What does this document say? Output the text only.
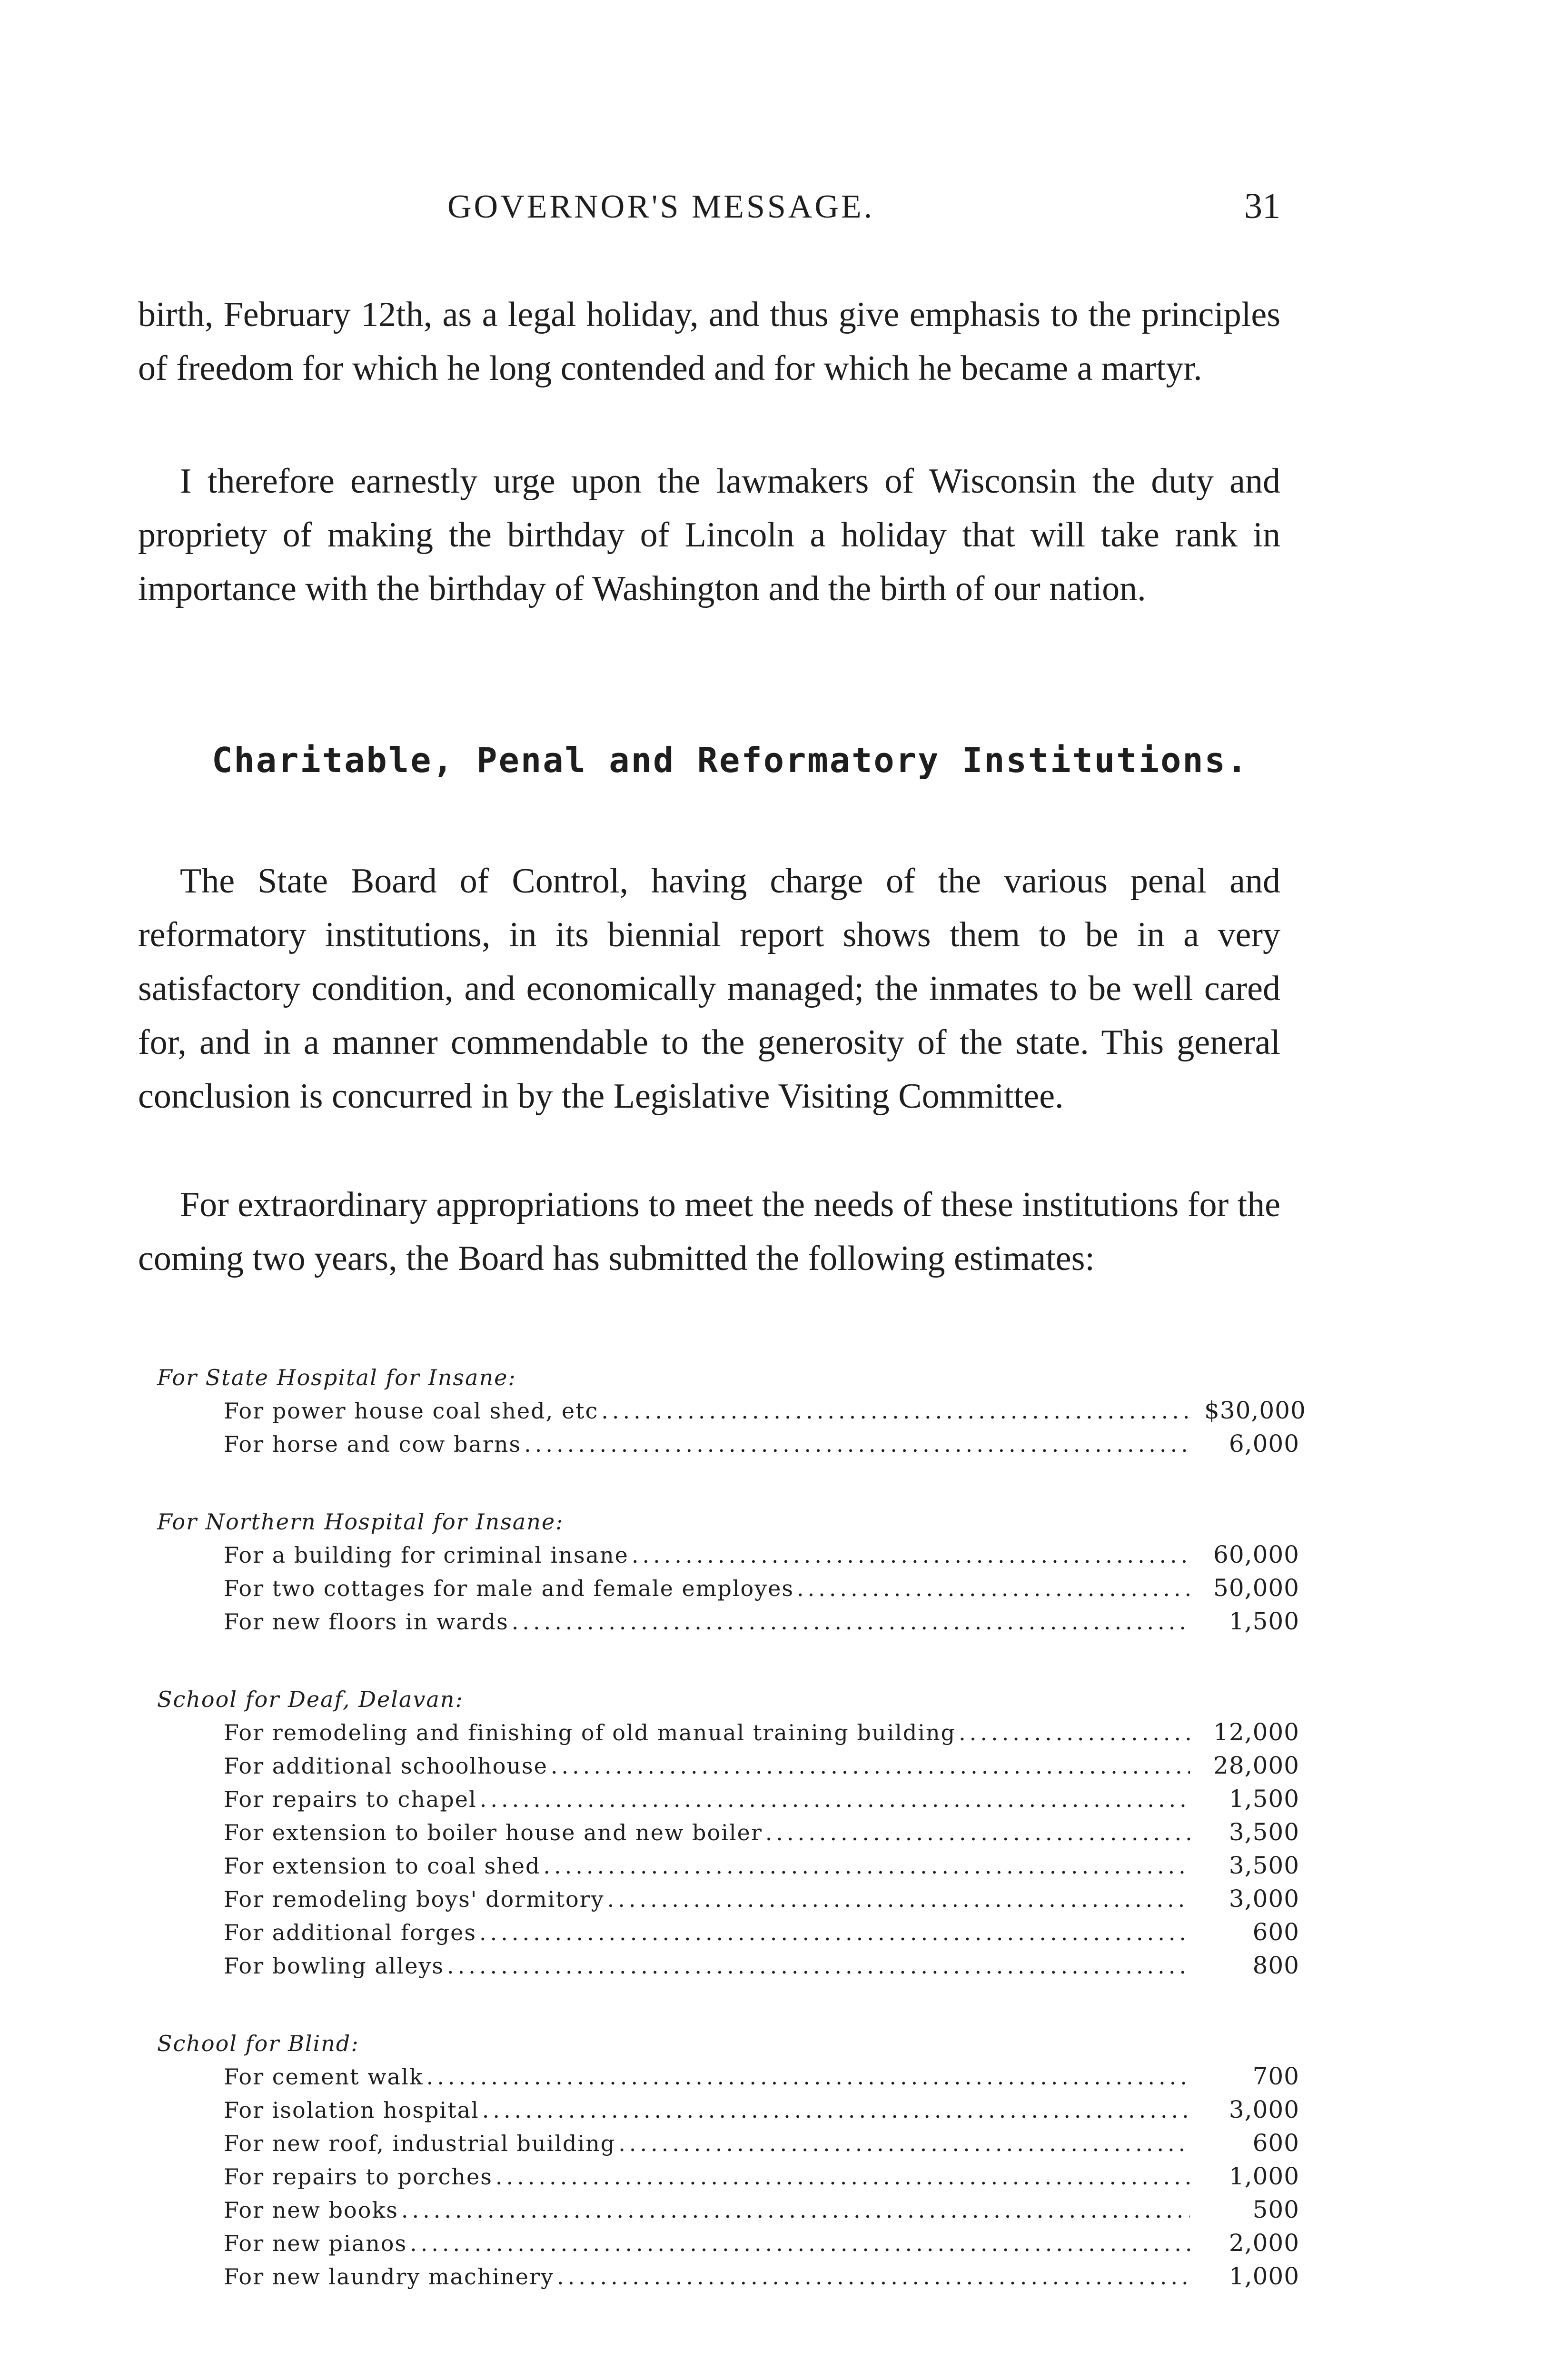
GOVERNOR'S MESSAGE.	31

birth, February 12th, as a legal holiday, and thus give emphasis to the principles of freedom for which he long contended and for which he became a martyr.

I therefore earnestly urge upon the lawmakers of Wisconsin the duty and propriety of making the birthday of Lincoln a holiday that will take rank in importance with the birthday of Washington and the birth of our nation.

Charitable, Penal and Reformatory Institutions.

The State Board of Control, having charge of the various penal and reformatory institutions, in its biennial report shows them to be in a very satisfactory condition, and economically managed; the inmates to be well cared for, and in a manner commendable to the generosity of the state. This general conclusion is concurred in by the Legislative Visiting Committee.

For extraordinary appropriations to meet the needs of these institutions for the coming two years, the Board has submitted the following estimates:

For State Hospital for Insane:
For power house coal shed, etc .....	$30,000
For horse and cow barns .....	6,000
For Northern Hospital for Insane:
For a building for criminal insane .....	60,000
For two cottages for male and female employes .....	50,000
For new floors in wards .....	1,500
School for Deaf, Delavan:
For remodeling and finishing of old manual training building .....	12,000
For additional schoolhouse .....	28,000
For repairs to chapel .....	1,500
For extension to boiler house and new boiler .....	3,500
For extension to coal shed .....	3,500
For remodeling boys' dormitory .....	3,000
For additional forges .....	600
For bowling alleys .....	800
School for Blind:
For cement walk .....	700
For isolation hospital .....	3,000
For new roof, industrial building .....	600
For repairs to porches .....	1,000
For new books .....	500
For new pianos .....	2,000
For new laundry machinery .....	1,000
